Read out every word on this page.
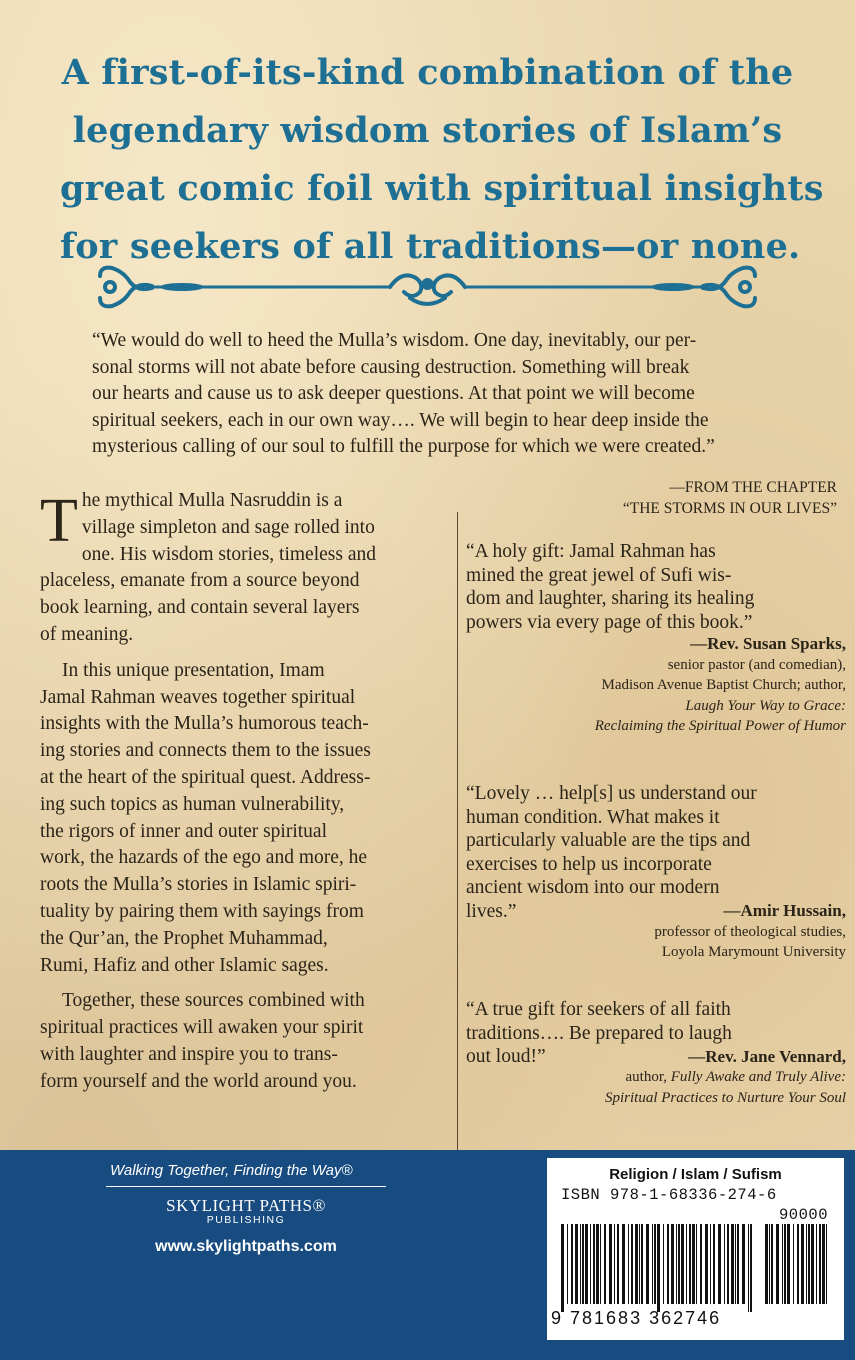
A first-of-its-kind combination of the
legendary wisdom stories of Islam’s
great comic foil with spiritual insights
for seekers of all traditions—or none.
“We would do well to heed the Mulla’s wisdom. One day, inevitably, our per-
sonal storms will not abate before causing destruction. Something will break
our hearts and cause us to ask deeper questions. At that point we will become
spiritual seekers, each in our own way…. We will begin to hear deep inside the
mysterious calling of our soul to fulfill the purpose for which we were created.”
—FROM THE CHAPTER
“THE STORMS IN OUR LIVES”
T he mythical Mulla Nasruddin is a
village simpleton and sage rolled into
one. His wisdom stories, timeless and
placeless, emanate from a source beyond
book learning, and contain several layers
of meaning.
In this unique presentation, Imam
Jamal Rahman weaves together spiritual
insights with the Mulla’s humorous teach-
ing stories and connects them to the issues
at the heart of the spiritual quest. Address-
ing such topics as human vulnerability,
the rigors of inner and outer spiritual
work, the hazards of the ego and more, he
roots the Mulla’s stories in Islamic spiri-
tuality by pairing them with sayings from
the Qur’an, the Prophet Muhammad,
Rumi, Hafiz and other Islamic sages.
Together, these sources combined with
spiritual practices will awaken your spirit
with laughter and inspire you to trans-
form yourself and the world around you.
“A holy gift: Jamal Rahman has
mined the great jewel of Sufi wis-
dom and laughter, sharing its healing
powers via every page of this book.”
—Rev. Susan Sparks,
senior pastor (and comedian),
Madison Avenue Baptist Church; author,
Laugh Your Way to Grace:
Reclaiming the Spiritual Power of Humor
“Lovely … help[s] us understand our
human condition. What makes it
particularly valuable are the tips and
exercises to help us incorporate
ancient wisdom into our modern
lives.”	—Amir Hussain,
professor of theological studies,
Loyola Marymount University
“A true gift for seekers of all faith
traditions…. Be prepared to laugh
out loud!”	—Rev. Jane Vennard,
author, Fully Awake and Truly Alive:
Spiritual Practices to Nurture Your Soul
Walking Together, Finding the Way®
SKYLIGHT PATHS®
PUBLISHING
www.skylightpaths.com
Religion / Islam / Sufism
ISBN 978-1-68336-274-6
90000
9 781683 362746
